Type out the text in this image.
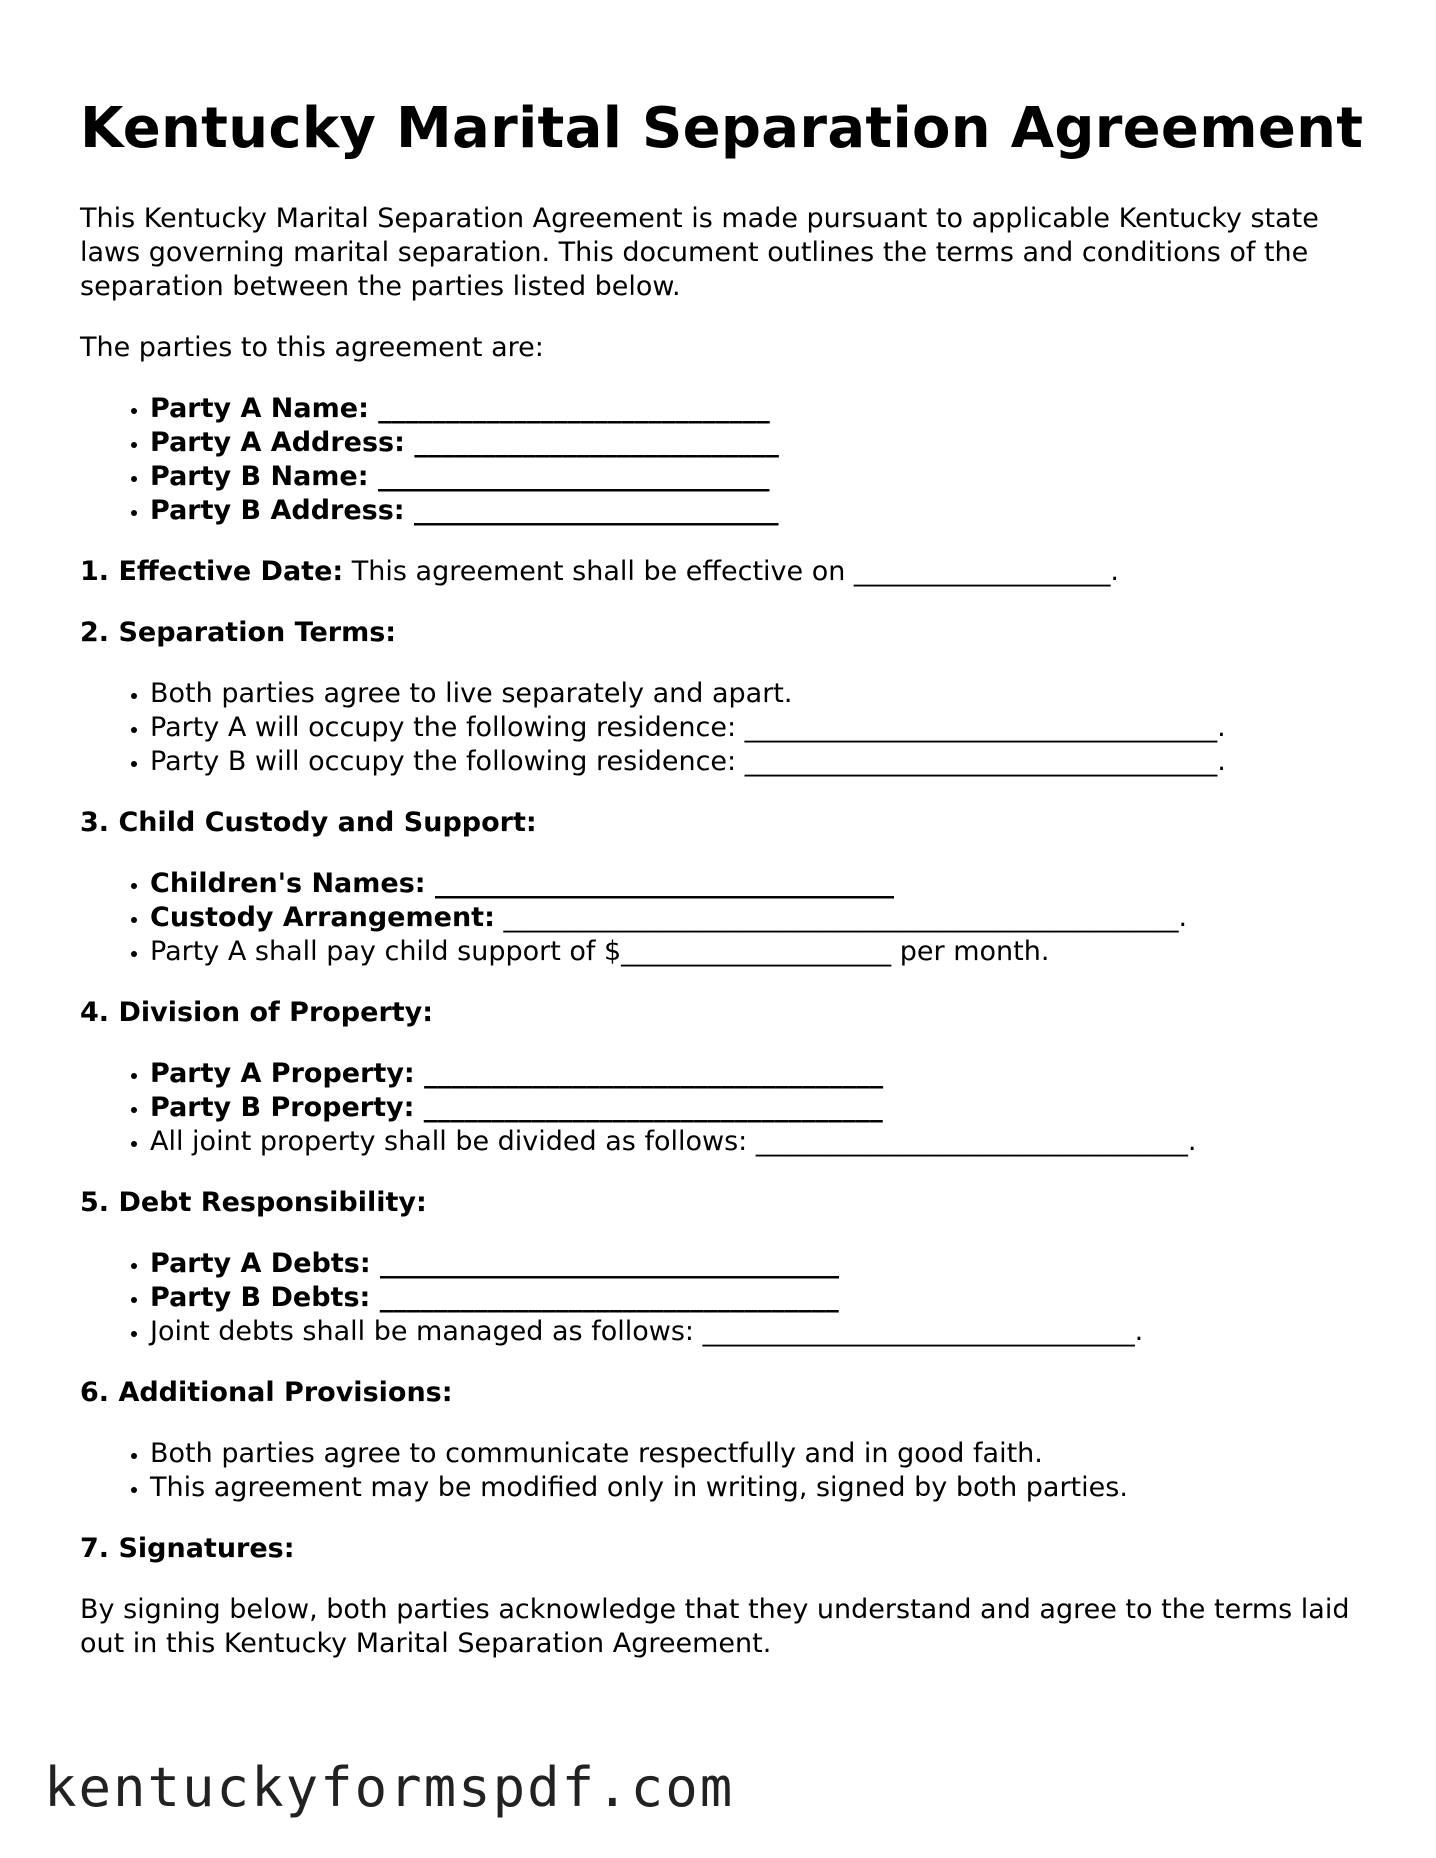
Kentucky Marital Separation Agreement

This Kentucky Marital Separation Agreement is made pursuant to applicable Kentucky state laws governing marital separation. This document outlines the terms and conditions of the separation between the parties listed below.

The parties to this agreement are:

• Party A Name: _____________________________
• Party A Address: ___________________________
• Party B Name: _____________________________
• Party B Address: ___________________________

1. Effective Date: This agreement shall be effective on ___________________.

2. Separation Terms:
• Both parties agree to live separately and apart.
• Party A will occupy the following residence: ___________________________________.
• Party B will occupy the following residence: ___________________________________.
3. Child Custody and Support:
• Children's Names: __________________________________
• Custody Arrangement: __________________________________________________.
• Party A shall pay child support of $____________________ per month.
4. Division of Property:
• Party A Property: __________________________________
• Party B Property: __________________________________
• All joint property shall be divided as follows: ________________________________.
5. Debt Responsibility:
• Party A Debts: __________________________________
• Party B Debts: __________________________________
• Joint debts shall be managed as follows: ________________________________.
6. Additional Provisions:
• Both parties agree to communicate respectfully and in good faith.
• This agreement may be modified only in writing, signed by both parties.
7. Signatures:

By signing below, both parties acknowledge that they understand and agree to the terms laid out in this Kentucky Marital Separation Agreement.

kentuckyformspdf.com
